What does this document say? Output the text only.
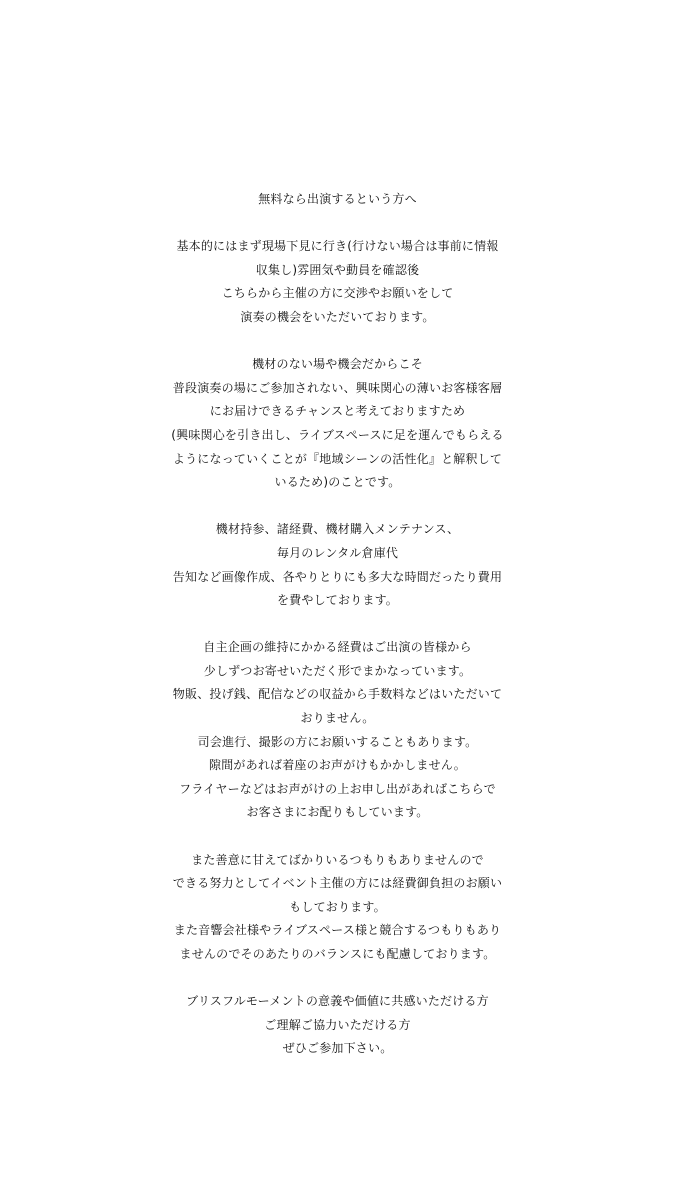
無料なら出演するという方へ
基本的にはまず現場下見に行き(行けない場合は事前に情報
収集し)雰囲気や動員を確認後
こちらから主催の方に交渉やお願いをして
演奏の機会をいただいております。
機材のない場や機会だからこそ
普段演奏の場にご参加されない、興味関心の薄いお客様客層
にお届けできるチャンスと考えておりますため
(興味関心を引き出し、ライブスペースに足を運んでもらえる
ようになっていくことが『地域シーンの活性化』と解釈して
いるため)のことです。
機材持参、諸経費、機材購入メンテナンス、
毎月のレンタル倉庫代
告知など画像作成、各やりとりにも多大な時間だったり費用
を費やしております。
自主企画の維持にかかる経費はご出演の皆様から
少しずつお寄せいただく形でまかなっています。
物販、投げ銭、配信などの収益から手数料などはいただいて
おりません。
司会進行、撮影の方にお願いすることもあります。
隙間があれば着座のお声がけもかかしません。
フライヤーなどはお声がけの上お申し出があればこちらで
お客さまにお配りもしています。
また善意に甘えてばかりいるつもりもありませんので
できる努力としてイベント主催の方には経費御負担のお願い
もしております。
また音響会社様やライブスペース様と競合するつもりもあり
ませんのでそのあたりのバランスにも配慮しております。
ブリスフルモーメントの意義や価値に共感いただける方
ご理解ご協力いただける方
ぜひご参加下さい。
